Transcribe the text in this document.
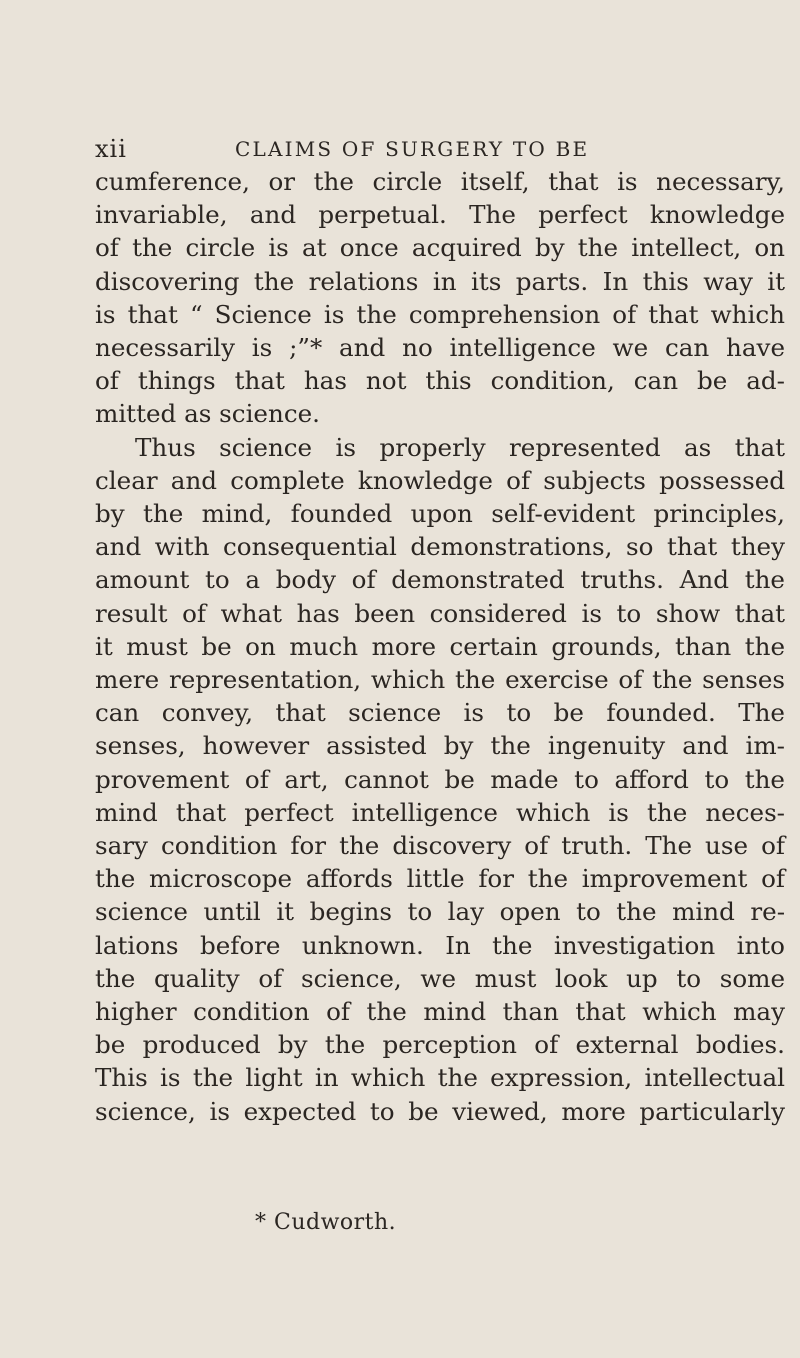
xii	CLAIMS OF SURGERY TO BE
cumference, or the circle itself, that is necessary,
invariable, and perpetual. The perfect knowledge
of the circle is at once acquired by the intellect, on
discovering the relations in its parts. In this way it
is that “ Science is the comprehension of that which
necessarily is ;”* and no intelligence we can have
of things that has not this condition, can be ad-
mitted as science.
Thus science is properly represented as that
clear and complete knowledge of subjects possessed
by the mind, founded upon self-evident principles,
and with consequential demonstrations, so that they
amount to a body of demonstrated truths. And the
result of what has been considered is to show that
it must be on much more certain grounds, than the
mere representation, which the exercise of the senses
can convey, that science is to be founded. The
senses, however assisted by the ingenuity and im-
provement of art, cannot be made to afford to the
mind that perfect intelligence which is the neces-
sary condition for the discovery of truth. The use of
the microscope affords little for the improvement of
science until it begins to lay open to the mind re-
lations before unknown. In the investigation into
the quality of science, we must look up to some
higher condition of the mind than that which may
be produced by the perception of external bodies.
This is the light in which the expression, intellectual
science, is expected to be viewed, more particularly
* Cudworth.
